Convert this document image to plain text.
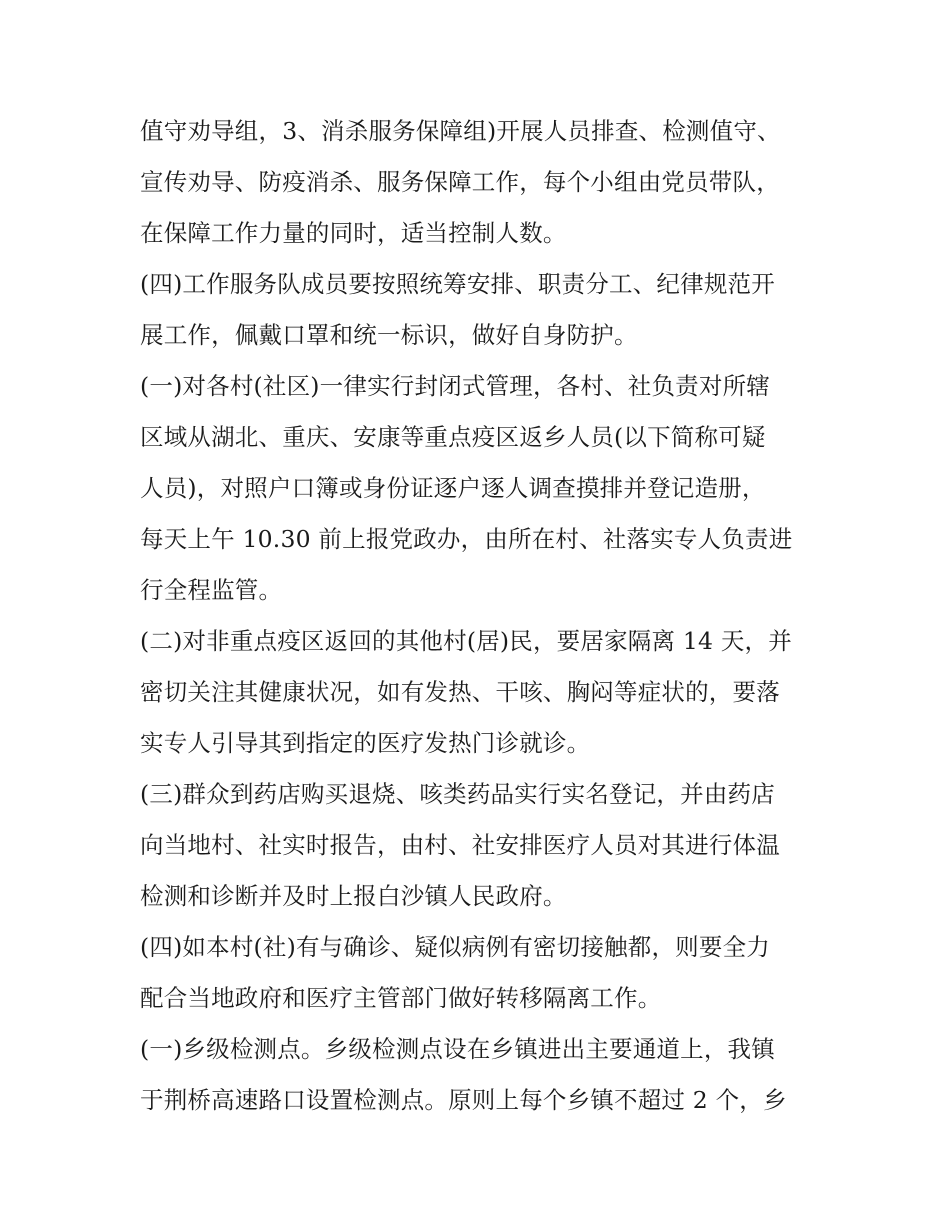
值守劝导组，3、消杀服务保障组)开展人员排查、检测值守、
宣传劝导、防疫消杀、服务保障工作，每个小组由党员带队，
在保障工作力量的同时，适当控制人数。
(四)工作服务队成员要按照统筹安排、职责分工、纪律规范开
展工作，佩戴口罩和统一标识，做好自身防护。
(一)对各村(社区)一律实行封闭式管理，各村、社负责对所辖
区域从湖北、重庆、安康等重点疫区返乡人员(以下简称可疑
人员)，对照户口簿或身份证逐户逐人调查摸排并登记造册，
每天上午 10.30 前上报党政办，由所在村、社落实专人负责进
行全程监管。
(二)对非重点疫区返回的其他村(居)民，要居家隔离 14 天，并
密切关注其健康状况，如有发热、干咳、胸闷等症状的，要落
实专人引导其到指定的医疗发热门诊就诊。
(三)群众到药店购买退烧、咳类药品实行实名登记，并由药店
向当地村、社实时报告，由村、社安排医疗人员对其进行体温
检测和诊断并及时上报白沙镇人民政府。
(四)如本村(社)有与确诊、疑似病例有密切接触都，则要全力
配合当地政府和医疗主管部门做好转移隔离工作。
(一)乡级检测点。乡级检测点设在乡镇进出主要通道上，我镇
于荆桥高速路口设置检测点。原则上每个乡镇不超过 2 个，乡
